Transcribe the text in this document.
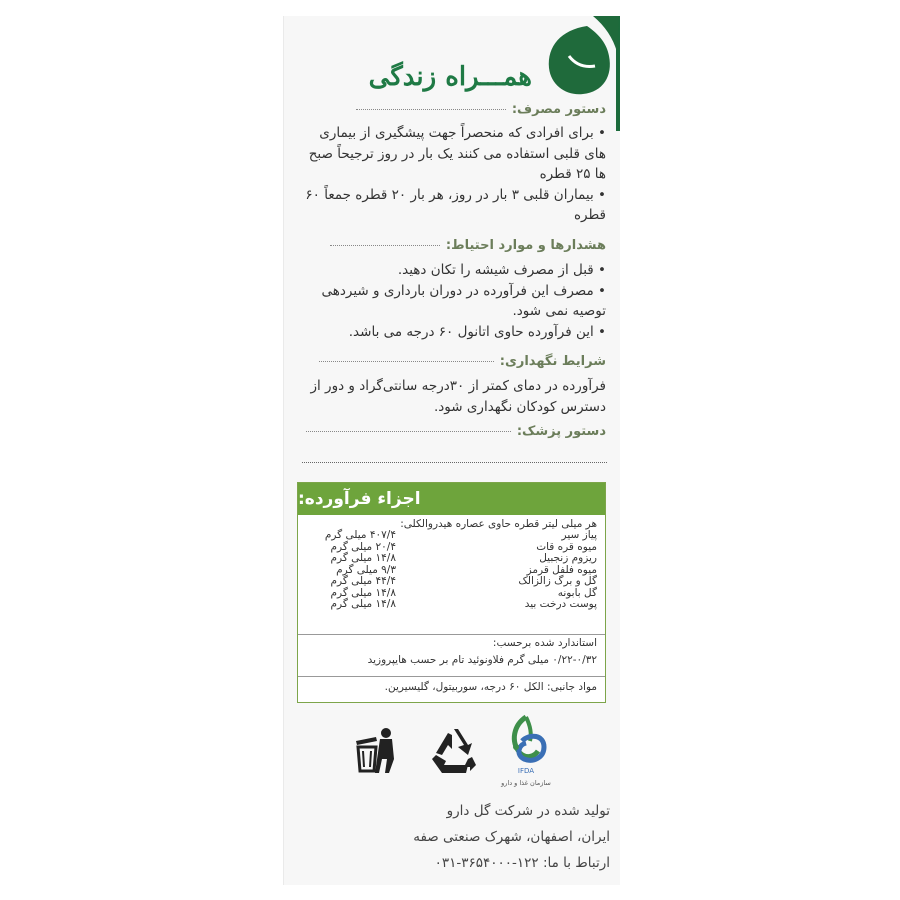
همـــراه زندگی
دستور مصرف:

• برای افرادی که منحصراً جهت پیشگیری از بیماری های قلبی استفاده می کنند یک بار در روز ترجیحاً صبح ها ۲۵ قطره

• بیماران قلبی ۳ بار در روز، هر بار ۲۰ قطره جمعاً ۶۰ قطره

هشدارها و موارد احتیاط:

• قبل از مصرف شیشه را تکان دهید.

• مصرف این فرآورده در دوران بارداری و شیردهی توصیه نمی شود.

• این فرآورده حاوی اتانول ۶۰ درجه می باشد.

شرایط نگهداری:

فرآورده در دمای کمتر از ۳۰درجه سانتی‌گراد و دور از دسترس کودکان نگهداری شود.

دستور پزشک:
اجزاء فرآورده:
هر میلی لیتر قطره حاوی عصاره هیدروالکلی:
پیاز سیر
۴۰۷/۴ میلی گرم
میوه قره قات
۲۰/۴ میلی گرم
ریزوم زنجبیل
۱۴/۸ میلی گرم
میوه فلفل قرمز
۹/۳ میلی گرم
گل و برگ زالزالک
۴۴/۴ میلی گرم
گل بابونه
۱۴/۸ میلی گرم
پوست درخت بید
۱۴/۸ میلی گرم
استاندارد شده برحسب:
۰/۲۲-۰/۳۲ میلی گرم فلاونوئید تام بر حسب هایپروزید
مواد جانبی: الکل ۶۰ درجه، سوربیتول، گلیسیرین.
IFDA
سازمان غذا و دارو

تولید شده در شرکت گل دارو

ایران، اصفهان، شهرک صنعتی صفه

ارتباط با ما: ۱۲۲-۳۶۵۴۰۰۰-۰۳۱
